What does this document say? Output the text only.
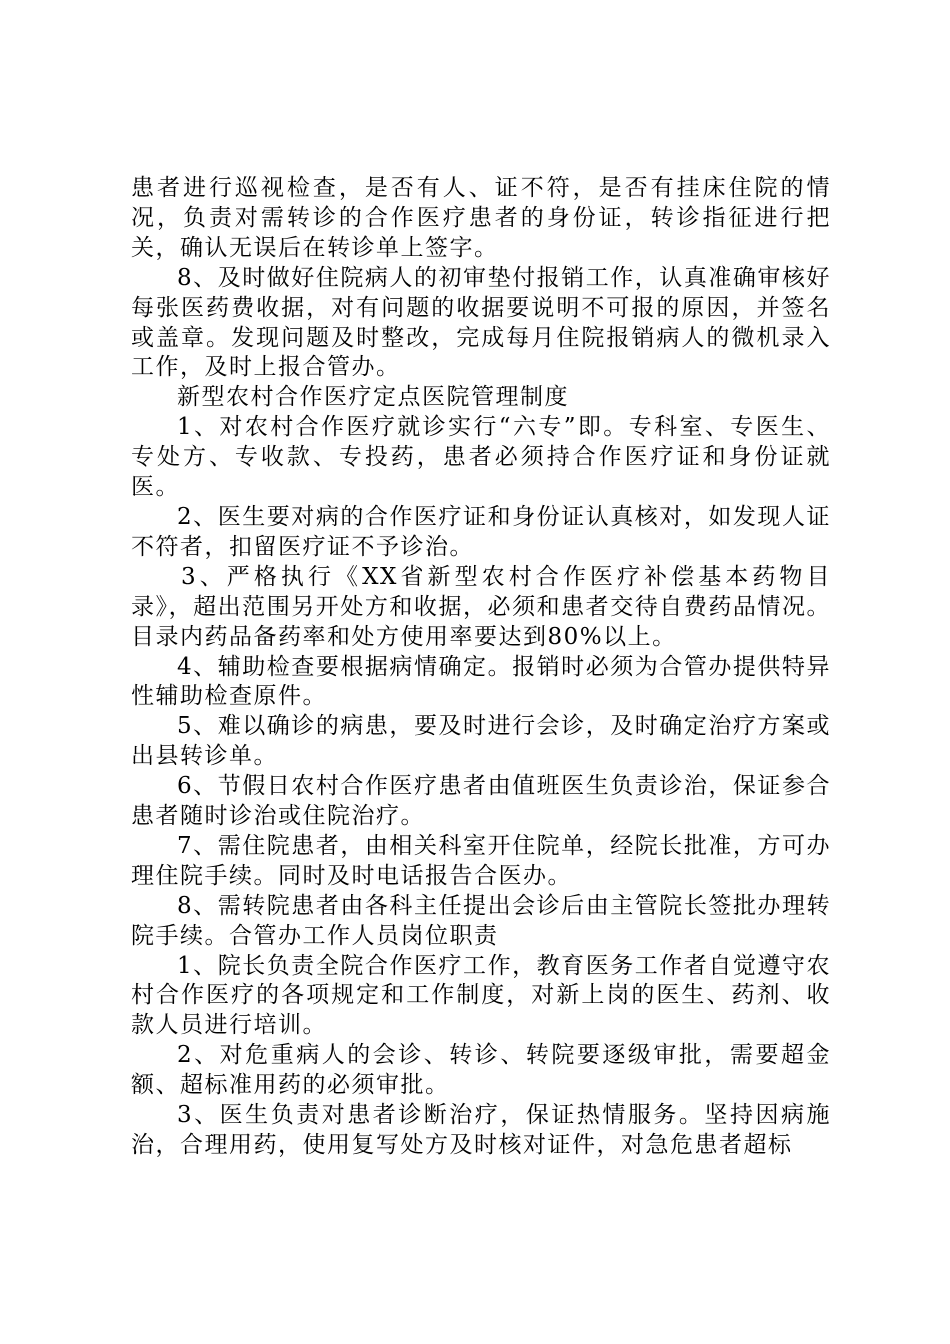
患者进行巡视检查，是否有人、证不符，是否有挂床住院的情况，负责对需转诊的合作医疗患者的身份证，转诊指征进行把关，确认无误后在转诊单上签字。

8、及时做好住院病人的初审垫付报销工作，认真准确审核好每张医药费收据，对有问题的收据要说明不可报的原因，并签名或盖章。发现问题及时整改，完成每月住院报销病人的微机录入工作，及时上报合管办。

新型农村合作医疗定点医院管理制度

1、对农村合作医疗就诊实行“六专”即。专科室、专医生、专处方、专收款、专投药，患者必须持合作医疗证和身份证就医。

2、医生要对病的合作医疗证和身份证认真核对，如发现人证不符者，扣留医疗证不予诊治。

3、严格执行《XX省新型农村合作医疗补偿基本药物目录》，超出范围另开处方和收据，必须和患者交待自费药品情况。目录内药品备药率和处方使用率要达到80%以上。

4、辅助检查要根据病情确定。报销时必须为合管办提供特异性辅助检查原件。

5、难以确诊的病患，要及时进行会诊，及时确定治疗方案或出县转诊单。

6、节假日农村合作医疗患者由值班医生负责诊治，保证参合患者随时诊治或住院治疗。

7、需住院患者，由相关科室开住院单，经院长批准，方可办理住院手续。同时及时电话报告合医办。

8、需转院患者由各科主任提出会诊后由主管院长签批办理转院手续。合管办工作人员岗位职责

1、院长负责全院合作医疗工作，教育医务工作者自觉遵守农村合作医疗的各项规定和工作制度，对新上岗的医生、药剂、收款人员进行培训。

2、对危重病人的会诊、转诊、转院要逐级审批，需要超金额、超标准用药的必须审批。

3、医生负责对患者诊断治疗，保证热情服务。坚持因病施治，合理用药，使用复写处方及时核对证件，对急危患者超标
